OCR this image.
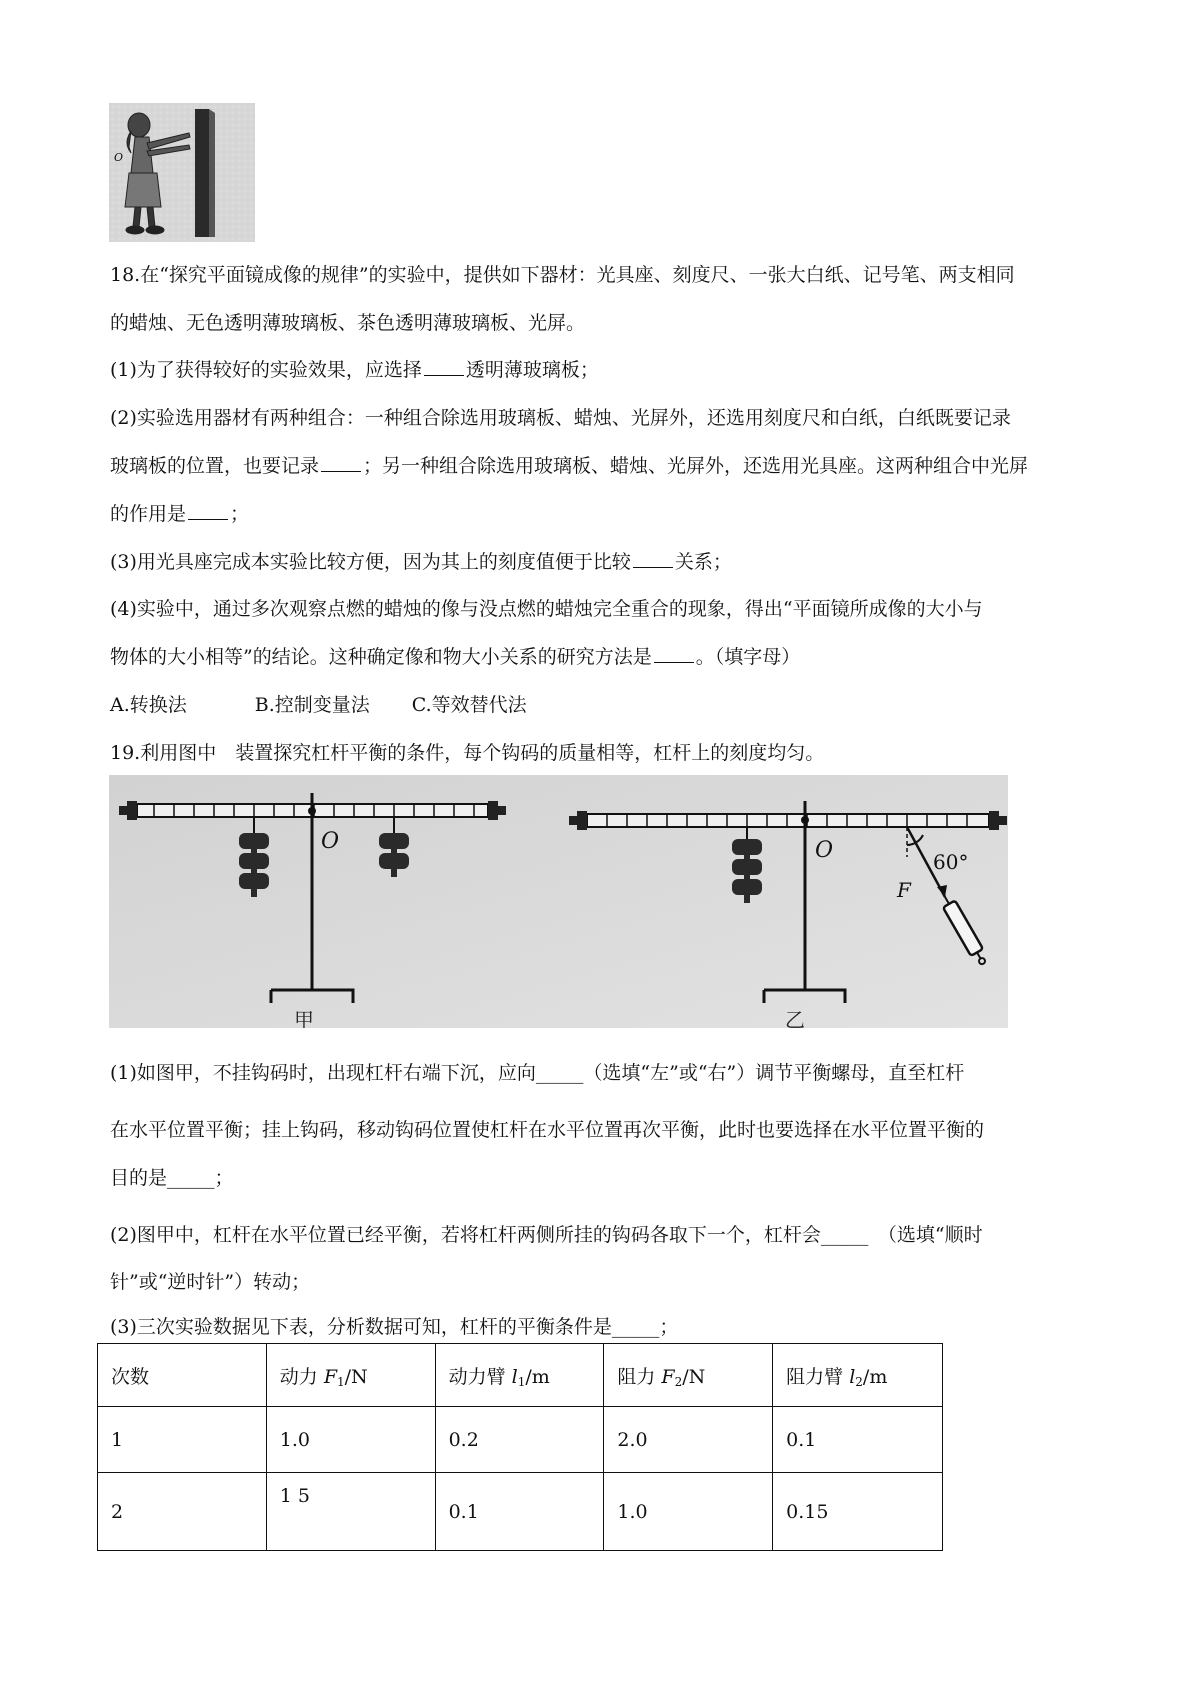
O

18.在“探究平面镜成像的规律”的实验中，提供如下器材：光具座、刻度尺、一张大白纸、记号笔、两支相同

的蜡烛、无色透明薄玻璃板、茶色透明薄玻璃板、光屏。

(1)为了获得较好的实验效果，应选择 透明薄玻璃板；

(2)实验选用器材有两种组合：一种组合除选用玻璃板、蜡烛、光屏外，还选用刻度尺和白纸，白纸既要记录

玻璃板的位置，也要记录 ；另一种组合除选用玻璃板、蜡烛、光屏外，还选用光具座。这两种组合中光屏

的作用是 ；

(3)用光具座完成本实验比较方便，因为其上的刻度值便于比较 关系；

(4)实验中，通过多次观察点燃的蜡烛的像与没点燃的蜡烛完全重合的现象，得出“平面镜所成像的大小与

物体的大小相等”的结论。这种确定像和物大小关系的研究方法是 。（填字母）

A.转换法	B.控制变量法 C.等效替代法

19.利用图中　装置探究杠杆平衡的条件，每个钩码的质量相等，杠杆上的刻度均匀。

O
甲
O
F
60°
乙

(1)如图甲，不挂钩码时，出现杠杆右端下沉，应向_____（选填“左”或“右”）调节平衡螺母，直至杠杆

在水平位置平衡；挂上钩码，移动钩码位置使杠杆在水平位置再次平衡，此时也要选择在水平位置平衡的

目的是_____；

(2)图甲中，杠杆在水平位置已经平衡，若将杠杆两侧所挂的钩码各取下一个，杠杆会_____　（选填“顺时

针”或“逆时针”）转动；

(3)三次实验数据见下表，分析数据可知，杠杆的平衡条件是_____；

次数	动力 $F_1/N$	动力臂 $l_1/m$	阻力 $F_2/N$	阻力臂 $l_2/m$
1	1.0	0.2	2.0	0.1
2	1 5	0.1	1.0	0.15
